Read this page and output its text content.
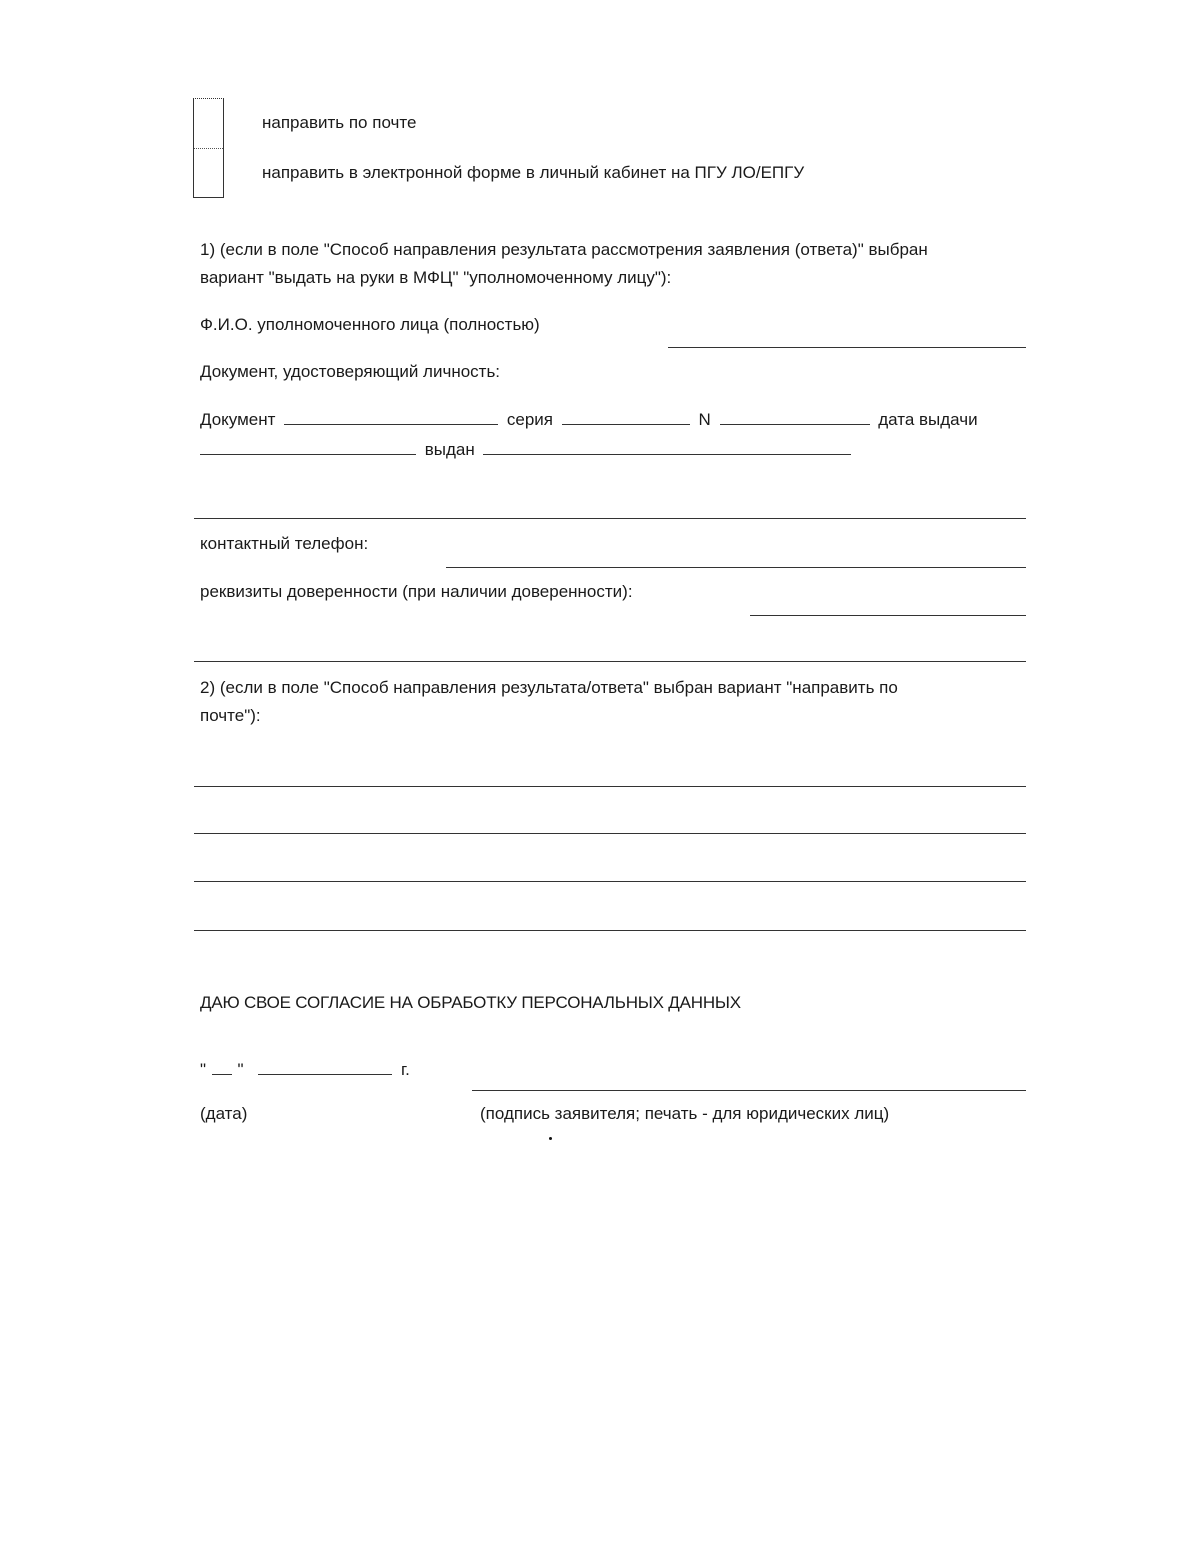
направить по почте
направить в электронной форме в личный кабинет на ПГУ ЛО/ЕПГУ
1) (если в поле "Способ направления результата рассмотрения заявления (ответа)" выбран
вариант "выдать на руки в МФЦ" "уполномоченному лицу"):
Ф.И.О. уполномоченного лица (полностью)
Документ, удостоверяющий личность:
Документ	серия	N	дата выдачи
выдан
контактный телефон:
реквизиты доверенности (при наличии доверенности):
2) (если в поле "Способ направления результата/ответа" выбран вариант "направить по
почте"):
ДАЮ СВОЕ СОГЛАСИЕ НА ОБРАБОТКУ ПЕРСОНАЛЬНЫХ ДАННЫХ
" "	г.
(дата)	(подпись заявителя; печать - для юридических лиц)
